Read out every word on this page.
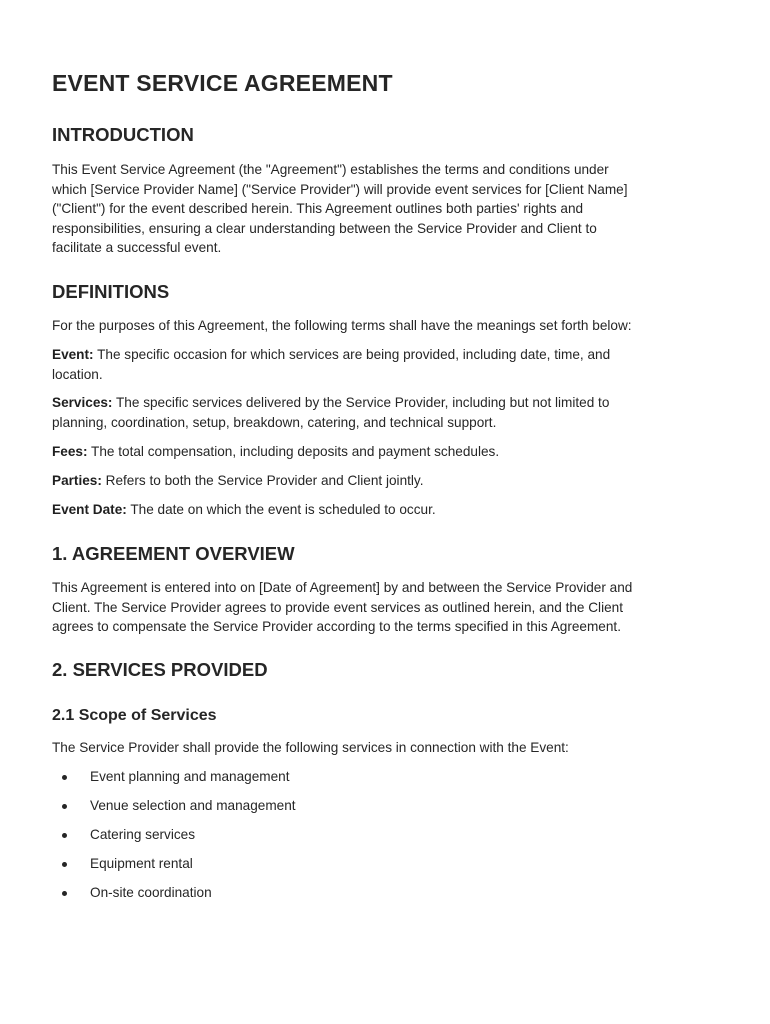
EVENT SERVICE AGREEMENT
INTRODUCTION
This Event Service Agreement (the "Agreement") establishes the terms and conditions under
which [Service Provider Name] ("Service Provider") will provide event services for [Client Name]
("Client") for the event described herein. This Agreement outlines both parties' rights and
responsibilities, ensuring a clear understanding between the Service Provider and Client to
facilitate a successful event.
DEFINITIONS
For the purposes of this Agreement, the following terms shall have the meanings set forth below:
Event: The specific occasion for which services are being provided, including date, time, and
location.
Services: The specific services delivered by the Service Provider, including but not limited to
planning, coordination, setup, breakdown, catering, and technical support.
Fees: The total compensation, including deposits and payment schedules.
Parties: Refers to both the Service Provider and Client jointly.
Event Date: The date on which the event is scheduled to occur.
1. AGREEMENT OVERVIEW
This Agreement is entered into on [Date of Agreement] by and between the Service Provider and
Client. The Service Provider agrees to provide event services as outlined herein, and the Client
agrees to compensate the Service Provider according to the terms specified in this Agreement.
2. SERVICES PROVIDED
2.1 Scope of Services
The Service Provider shall provide the following services in connection with the Event:
Event planning and management
Venue selection and management
Catering services
Equipment rental
On-site coordination
